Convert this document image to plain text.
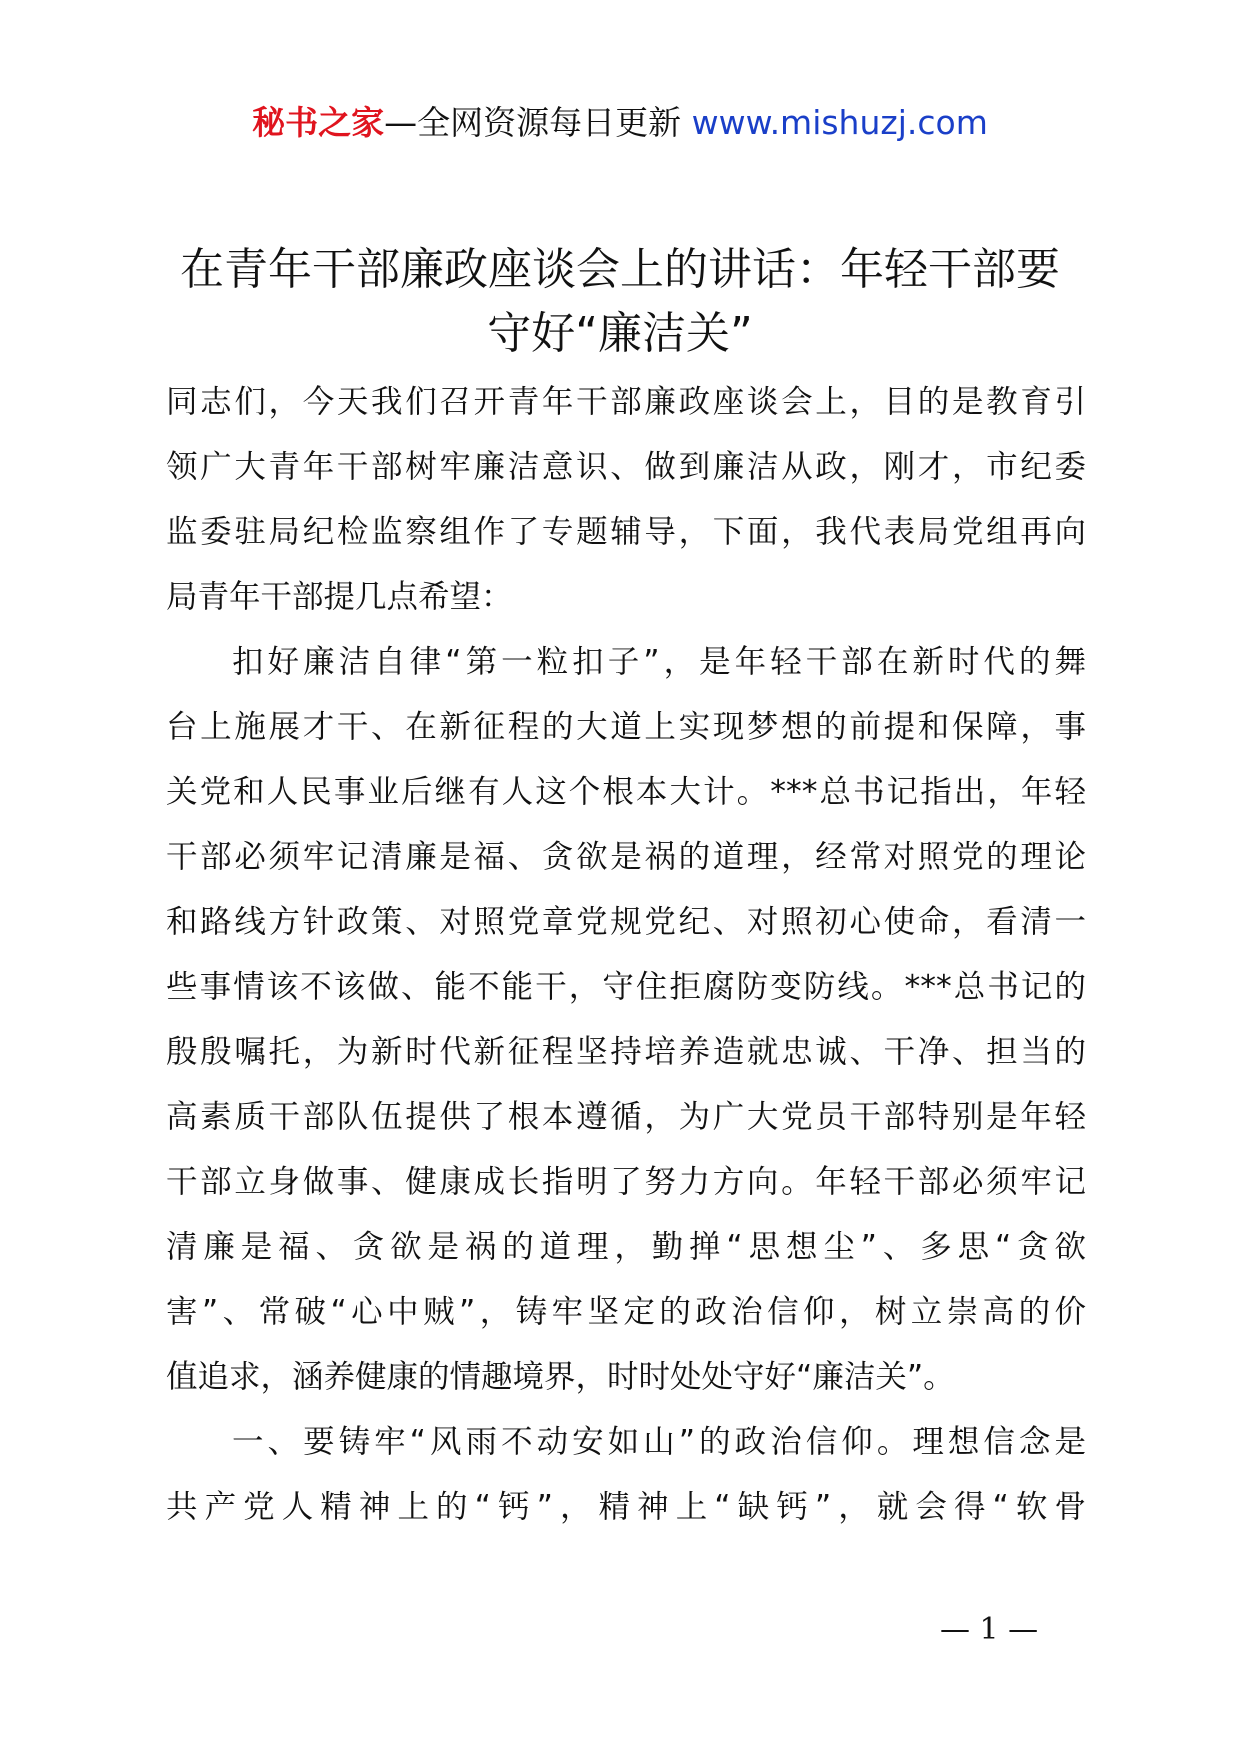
秘书之家—全网资源每日更新 www.mishuzj.com
在青年干部廉政座谈会上的讲话：年轻干部要
守好“廉洁关”
同志们，今天我们召开青年干部廉政座谈会上，目的是教育引
领广大青年干部树牢廉洁意识、做到廉洁从政，刚才，市纪委
监委驻局纪检监察组作了专题辅导，下面，我代表局党组再向
局青年干部提几点希望：
扣好廉洁自律“第一粒扣子”，是年轻干部在新时代的舞
台上施展才干、在新征程的大道上实现梦想的前提和保障，事
关党和人民事业后继有人这个根本大计。***总书记指出，年轻
干部必须牢记清廉是福、贪欲是祸的道理，经常对照党的理论
和路线方针政策、对照党章党规党纪、对照初心使命，看清一
些事情该不该做、能不能干，守住拒腐防变防线。***总书记的
殷殷嘱托，为新时代新征程坚持培养造就忠诚、干净、担当的
高素质干部队伍提供了根本遵循，为广大党员干部特别是年轻
干部立身做事、健康成长指明了努力方向。年轻干部必须牢记
清廉是福、贪欲是祸的道理，勤掸“思想尘”、多思“贪欲
害”、常破“心中贼”，铸牢坚定的政治信仰，树立崇高的价
值追求，涵养健康的情趣境界，时时处处守好“廉洁关”。
一、要铸牢“风雨不动安如山”的政治信仰。理想信念是
共产党人精神上的“钙”，精神上“缺钙”，就会得“软骨
— 1 —
